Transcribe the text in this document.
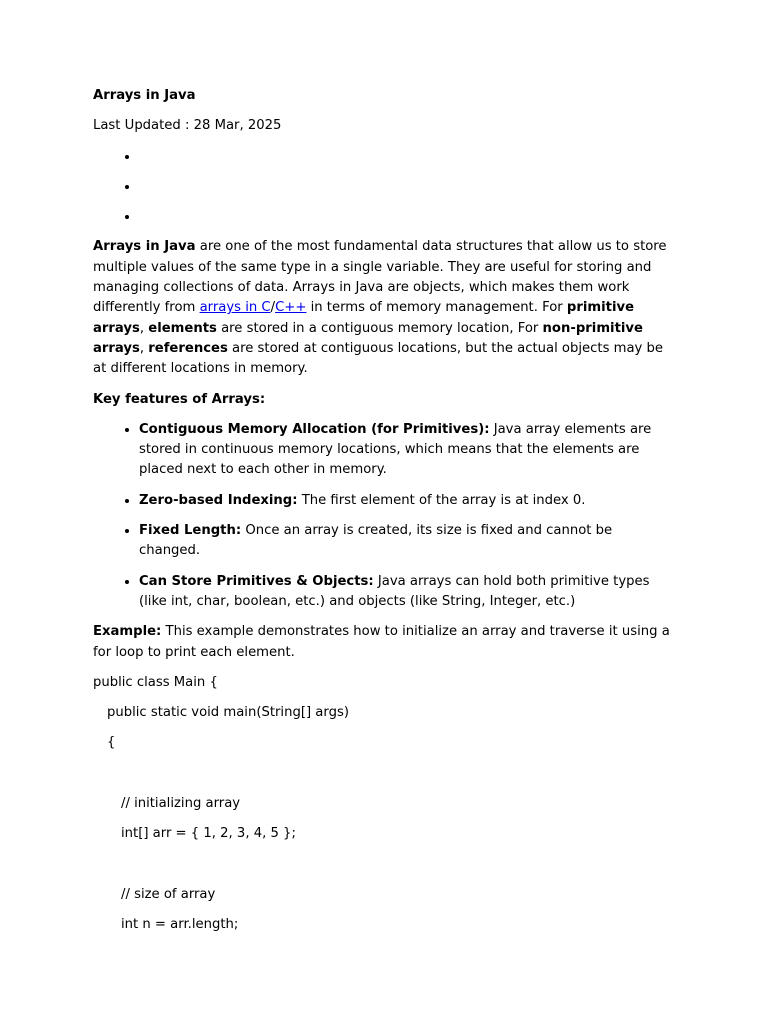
Arrays in Java

Last Updated : 28 Mar, 2025

•
•
•

Arrays in Java are one of the most fundamental data structures that allow us to store multiple values of the same type in a single variable. They are useful for storing and managing collections of data. Arrays in Java are objects, which makes them work differently from arrays in C/C++ in terms of memory management. For primitive arrays, elements are stored in a contiguous memory location, For non-primitive arrays, references are stored at contiguous locations, but the actual objects may be at different locations in memory.

Key features of Arrays:

• Contiguous Memory Allocation (for Primitives): Java array elements are stored in continuous memory locations, which means that the elements are placed next to each other in memory.
• Zero-based Indexing: The first element of the array is at index 0.
• Fixed Length: Once an array is created, its size is fixed and cannot be changed.
• Can Store Primitives & Objects: Java arrays can hold both primitive types (like int, char, boolean, etc.) and objects (like String, Integer, etc.)

Example: This example demonstrates how to initialize an array and traverse it using a for loop to print each element.

public class Main {

public static void main(String[] args)

{

// initializing array

int[] arr = { 1, 2, 3, 4, 5 };

// size of array

int n = arr.length;
